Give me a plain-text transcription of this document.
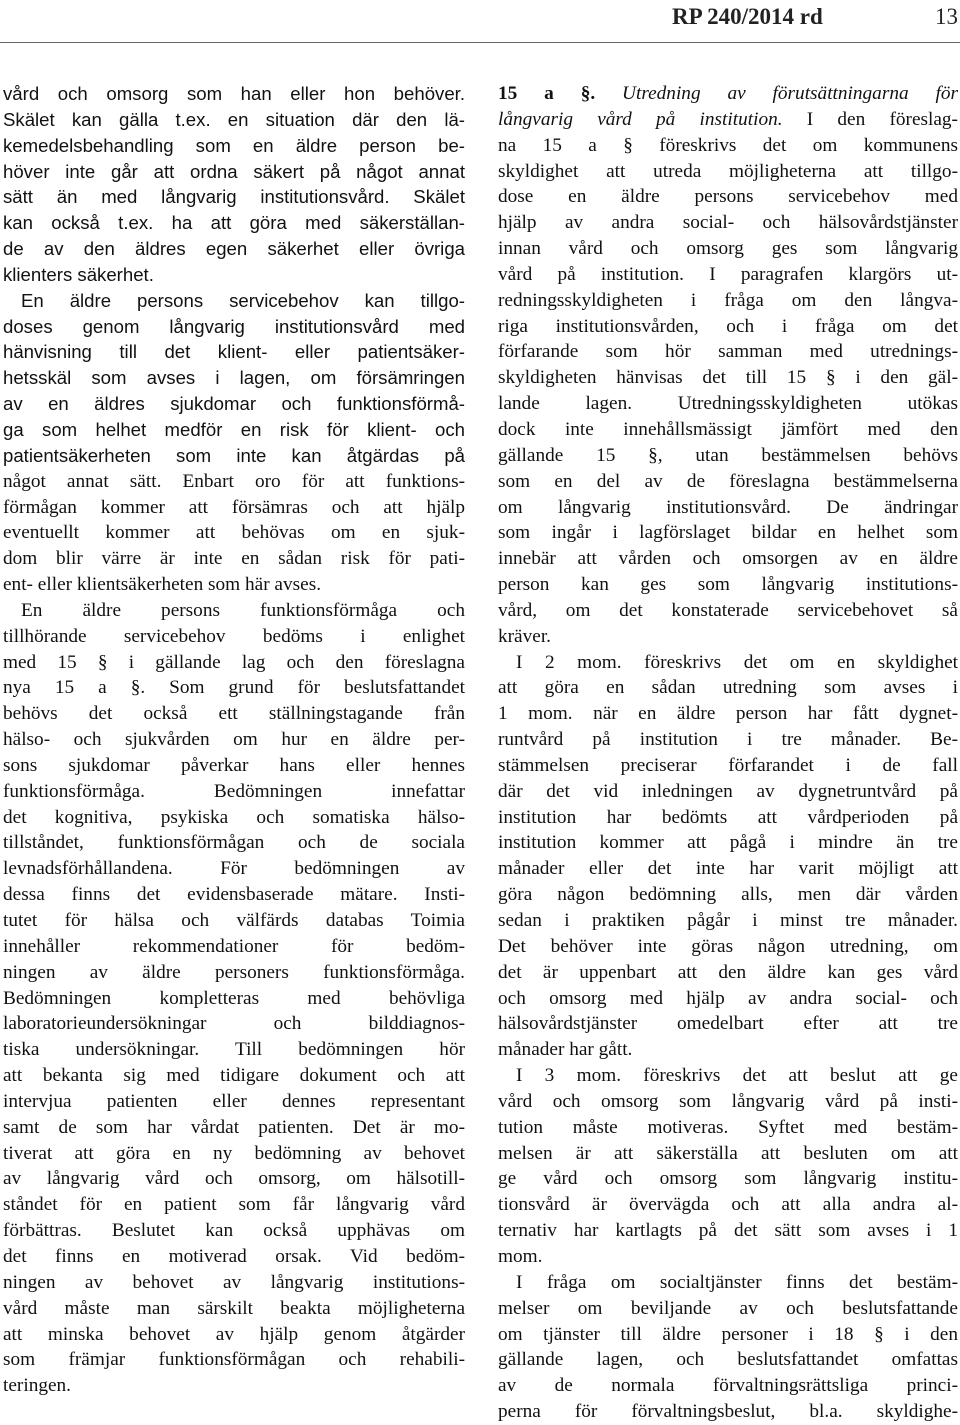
RP 240/2014 rd	13
vård och omsorg som han eller hon behöver.
Skälet kan gälla t.ex. en situation där den lä-
kemedelsbehandling som en äldre person be-
höver inte går att ordna säkert på något annat
sätt än med långvarig institutionsvård. Skälet
kan också t.ex. ha att göra med säkerställan-
de av den äldres egen säkerhet eller övriga
klienters säkerhet.
En äldre persons servicebehov kan tillgo-
doses genom långvarig institutionsvård med
hänvisning till det klient- eller patientsäker-
hetsskäl som avses i lagen, om försämringen
av en äldres sjukdomar och funktionsförmå-
ga som helhet medför en risk för klient- och
patientsäkerheten som inte kan åtgärdas på
något annat sätt. Enbart oro för att funktions-
förmågan kommer att försämras och att hjälp
eventuellt kommer att behövas om en sjuk-
dom blir värre är inte en sådan risk för pati-
ent- eller klientsäkerheten som här avses.
En äldre persons funktionsförmåga och
tillhörande servicebehov bedöms i enlighet
med 15 § i gällande lag och den föreslagna
nya 15 a §. Som grund för beslutsfattandet
behövs det också ett ställningstagande från
hälso- och sjukvården om hur en äldre per-
sons sjukdomar påverkar hans eller hennes
funktionsförmåga. Bedömningen innefattar
det kognitiva, psykiska och somatiska hälso-
tillståndet, funktionsförmågan och de sociala
levnadsförhållandena. För bedömningen av
dessa finns det evidensbaserade mätare. Insti-
tutet för hälsa och välfärds databas Toimia
innehåller rekommendationer för bedöm-
ningen av äldre personers funktionsförmåga.
Bedömningen kompletteras med behövliga
laboratorieundersökningar och bilddiagnos-
tiska undersökningar. Till bedömningen hör
att bekanta sig med tidigare dokument och att
intervjua patienten eller dennes representant
samt de som har vårdat patienten. Det är mo-
tiverat att göra en ny bedömning av behovet
av långvarig vård och omsorg, om hälsotill-
ståndet för en patient som får långvarig vård
förbättras. Beslutet kan också upphävas om
det finns en motiverad orsak. Vid bedöm-
ningen av behovet av långvarig institutions-
vård måste man särskilt beakta möjligheterna
att minska behovet av hjälp genom åtgärder
som främjar funktionsförmågan och rehabili-
teringen.
15 a §. Utredning av förutsättningarna för
långvarig vård på institution. I den föreslag-
na 15 a § föreskrivs det om kommunens
skyldighet att utreda möjligheterna att tillgo-
dose en äldre persons servicebehov med
hjälp av andra social- och hälsovårdstjänster
innan vård och omsorg ges som långvarig
vård på institution. I paragrafen klargörs ut-
redningsskyldigheten i fråga om den långva-
riga institutionsvården, och i fråga om det
förfarande som hör samman med utrednings-
skyldigheten hänvisas det till 15 § i den gäl-
lande lagen. Utredningsskyldigheten utökas
dock inte innehållsmässigt jämfört med den
gällande 15 §, utan bestämmelsen behövs
som en del av de föreslagna bestämmelserna
om långvarig institutionsvård. De ändringar
som ingår i lagförslaget bildar en helhet som
innebär att vården och omsorgen av en äldre
person kan ges som långvarig institutions-
vård, om det konstaterade servicebehovet så
kräver.
I 2 mom. föreskrivs det om en skyldighet
att göra en sådan utredning som avses i
1 mom. när en äldre person har fått dygnet-
runtvård på institution i tre månader. Be-
stämmelsen preciserar förfarandet i de fall
där det vid inledningen av dygnetruntvård på
institution har bedömts att vårdperioden på
institution kommer att pågå i mindre än tre
månader eller det inte har varit möjligt att
göra någon bedömning alls, men där vården
sedan i praktiken pågår i minst tre månader.
Det behöver inte göras någon utredning, om
det är uppenbart att den äldre kan ges vård
och omsorg med hjälp av andra social- och
hälsovårdstjänster omedelbart efter att tre
månader har gått.
I 3 mom. föreskrivs det att beslut att ge
vård och omsorg som långvarig vård på insti-
tution måste motiveras. Syftet med bestäm-
melsen är att säkerställa att besluten om att
ge vård och omsorg som långvarig institu-
tionsvård är övervägda och att alla andra al-
ternativ har kartlagts på det sätt som avses i 1
mom.
I fråga om socialtjänster finns det bestäm-
melser om beviljande av och beslutsfattande
om tjänster till äldre personer i 18 § i den
gällande lagen, och beslutsfattandet omfattas
av de normala förvaltningsrättsliga princi-
perna för förvaltningsbeslut, bl.a. skyldighe-
